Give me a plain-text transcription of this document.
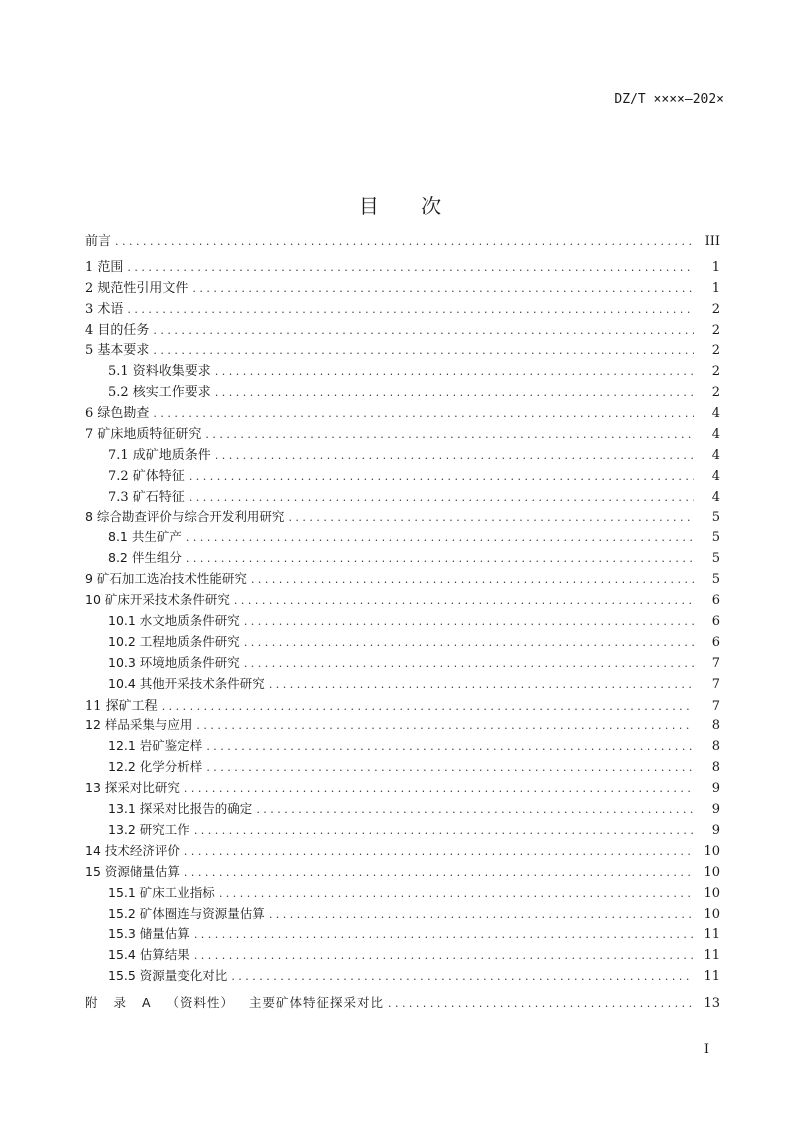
DZ/T ××××—202×
目 次
前言 . . .	III
1 范围 . . .	1
2 规范性引用文件 . . .	1
3 术语 . . .	2
4 目的任务 . . .	2
5 基本要求 . . .	2
5.1 资料收集要求 . . .	2
5.2 核实工作要求 . . .	2
6 绿色勘查 . . .	4
7 矿床地质特征研究 . . .	4
7.1 成矿地质条件 . . .	4
7.2 矿体特征 . . .	4
7.3 矿石特征 . . .	4
8 综合勘查评价与综合开发利用研究 . . .	5
8.1 共生矿产 . . .	5
8.2 伴生组分 . . .	5
9 矿石加工选冶技术性能研究 . . .	5
10 矿床开采技术条件研究 . . .	6
10.1 水文地质条件研究 . . .	6
10.2 工程地质条件研究 . . .	6
10.3 环境地质条件研究 . . .	7
10.4 其他开采技术条件研究 . . .	7
11 探矿工程 . . .	7
12 样品采集与应用 . . .	8
12.1 岩矿鉴定样 . . .	8
12.2 化学分析样 . . .	8
13 探采对比研究 . . .	9
13.1 探采对比报告的确定 . . .	9
13.2 研究工作 . . .	9
14 技术经济评价 . . .	10
15 资源储量估算 . . .	10
15.1 矿床工业指标 . . .	10
15.2 矿体圈连与资源量估算 . . .	10
15.3 储量估算 . . .	11
15.4 估算结果 . . .	11
15.5 资源量变化对比 . . .	11
附 录 A （资料性） 主要矿体特征探采对比 . . .	13
I
